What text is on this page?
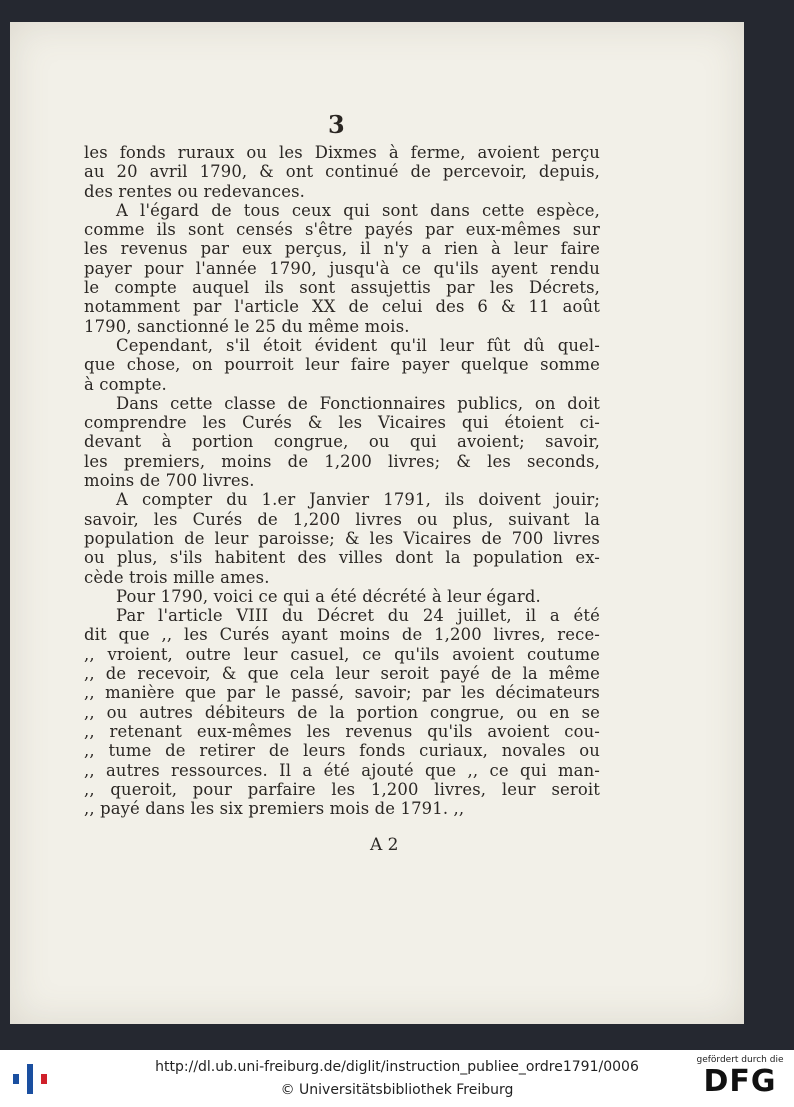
3
les fonds ruraux ou les Dixmes à ferme, avoient perçu
au 20 avril 1790, & ont continué de percevoir, depuis,
des rentes ou redevances.
A l'égard de tous ceux qui sont dans cette espèce,
comme ils sont censés s'être payés par eux-mêmes sur
les revenus par eux perçus, il n'y a rien à leur faire
payer pour l'année 1790, jusqu'à ce qu'ils ayent rendu
le compte auquel ils sont assujettis par les Décrets,
notamment par l'article XX de celui des 6 & 11 août
1790, sanctionné le 25 du même mois.
Cependant, s'il étoit évident qu'il leur fût dû quel-
que chose, on pourroit leur faire payer quelque somme
à compte.
Dans cette classe de Fonctionnaires publics, on doit
comprendre les Curés & les Vicaires qui étoient ci-
devant à portion congrue, ou qui avoient; savoir,
les premiers, moins de 1,200 livres; & les seconds,
moins de 700 livres.
A compter du 1.er Janvier 1791, ils doivent jouir;
savoir, les Curés de 1,200 livres ou plus, suivant la
population de leur paroisse; & les Vicaires de 700 livres
ou plus, s'ils habitent des villes dont la population ex-
cède trois mille ames.
Pour 1790, voici ce qui a été décrété à leur égard.
Par l'article VIII du Décret du 24 juillet, il a été
dit que ,, les Curés ayant moins de 1,200 livres, rece-
,, vroient, outre leur casuel, ce qu'ils avoient coutume
,, de recevoir, & que cela leur seroit payé de la même
,, manière que par le passé, savoir; par les décimateurs
,, ou autres débiteurs de la portion congrue, ou en se
,, retenant eux-mêmes les revenus qu'ils avoient cou-
,, tume de retirer de leurs fonds curiaux, novales ou
,, autres ressources. Il a été ajouté que ,, ce qui man-
,, queroit, pour parfaire les 1,200 livres, leur seroit
,, payé dans les six premiers mois de 1791. ,,
A 2
http://dl.ub.uni-freiburg.de/diglit/instruction_publiee_ordre1791/0006
© Universitätsbibliothek Freiburg
gefördert durch die
DFG
